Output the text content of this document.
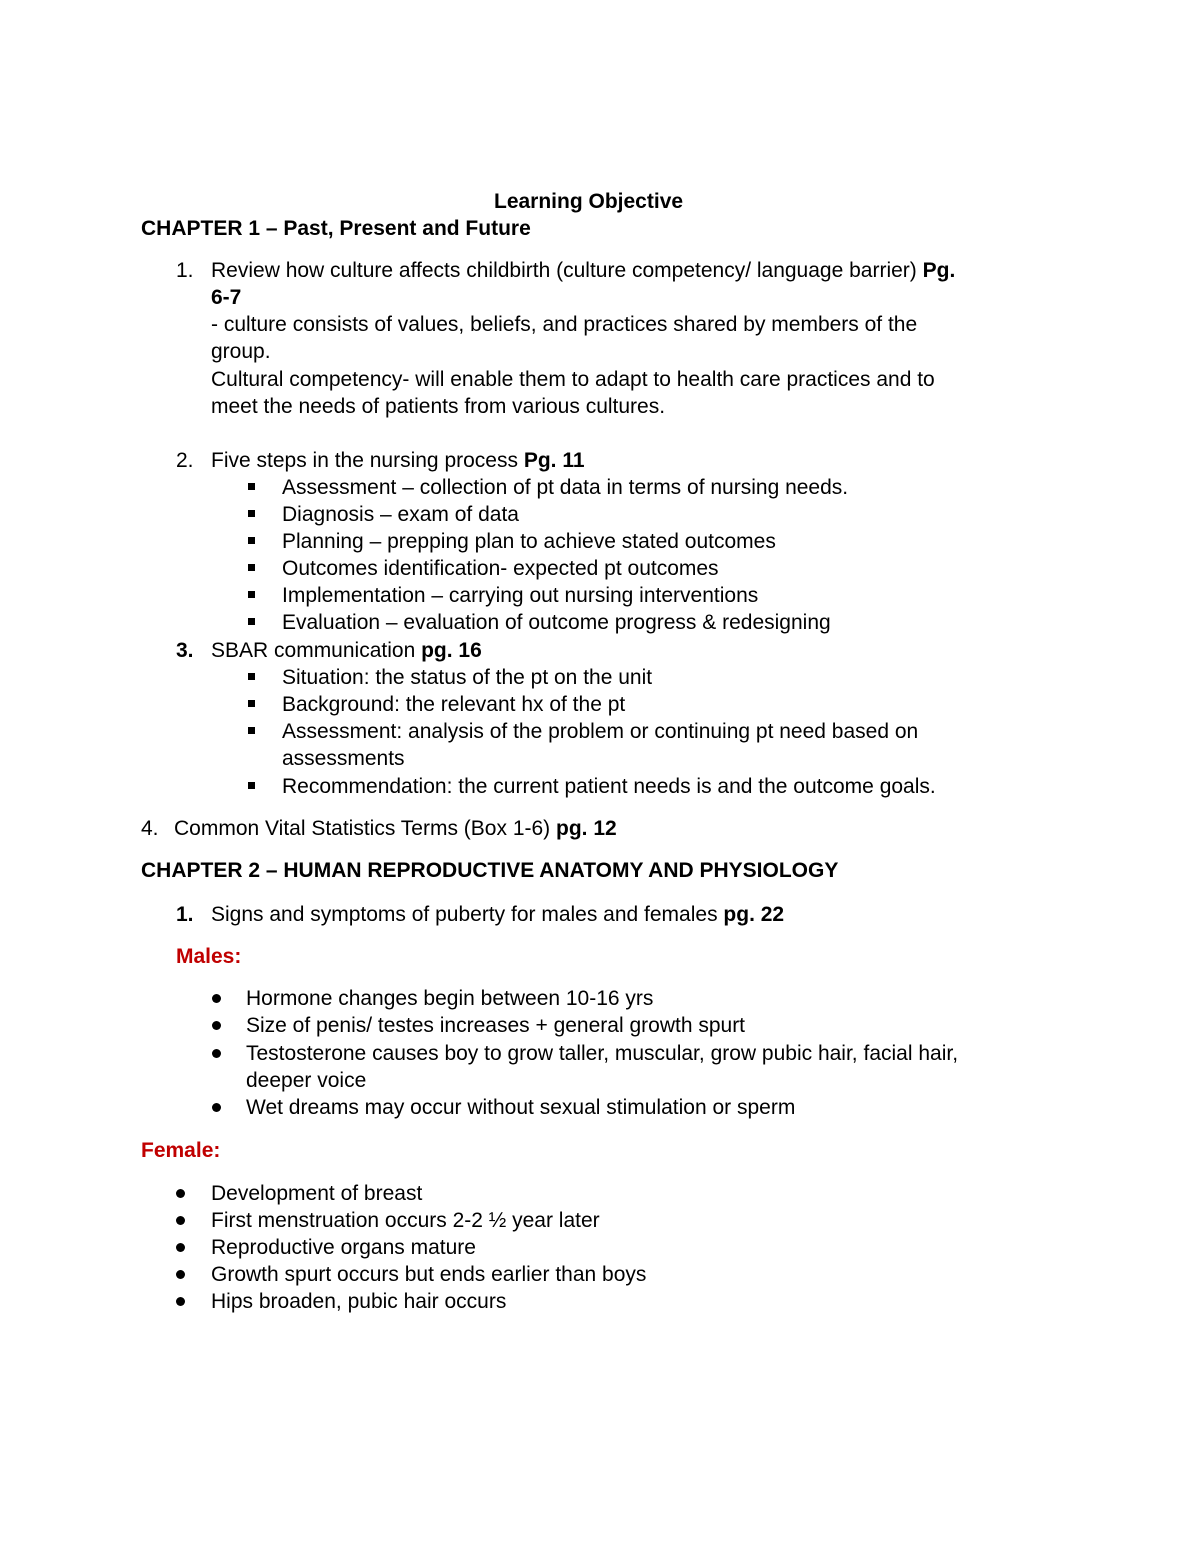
Learning Objective
CHAPTER 1 – Past, Present and Future
1. Review how culture affects childbirth (culture competency/ language barrier) Pg.
6-7
- culture consists of values, beliefs, and practices shared by members of the
group.
Cultural competency- will enable them to adapt to health care practices and to
meet the needs of patients from various cultures.
2. Five steps in the nursing process Pg. 11
Assessment – collection of pt data in terms of nursing needs.
Diagnosis – exam of data
Planning – prepping plan to achieve stated outcomes
Outcomes identification- expected pt outcomes
Implementation – carrying out nursing interventions
Evaluation – evaluation of outcome progress & redesigning
3. SBAR communication pg. 16
Situation: the status of the pt on the unit
Background: the relevant hx of the pt
Assessment: analysis of the problem or continuing pt need based on
assessments
Recommendation: the current patient needs is and the outcome goals.
4. Common Vital Statistics Terms (Box 1-6) pg. 12
CHAPTER 2 – HUMAN REPRODUCTIVE ANATOMY AND PHYSIOLOGY
1. Signs and symptoms of puberty for males and females pg. 22
Males:
Hormone changes begin between 10-16 yrs
Size of penis/ testes increases + general growth spurt
Testosterone causes boy to grow taller, muscular, grow pubic hair, facial hair,
deeper voice
Wet dreams may occur without sexual stimulation or sperm
Female:
Development of breast
First menstruation occurs 2-2 ½ year later
Reproductive organs mature
Growth spurt occurs but ends earlier than boys
Hips broaden, pubic hair occurs
